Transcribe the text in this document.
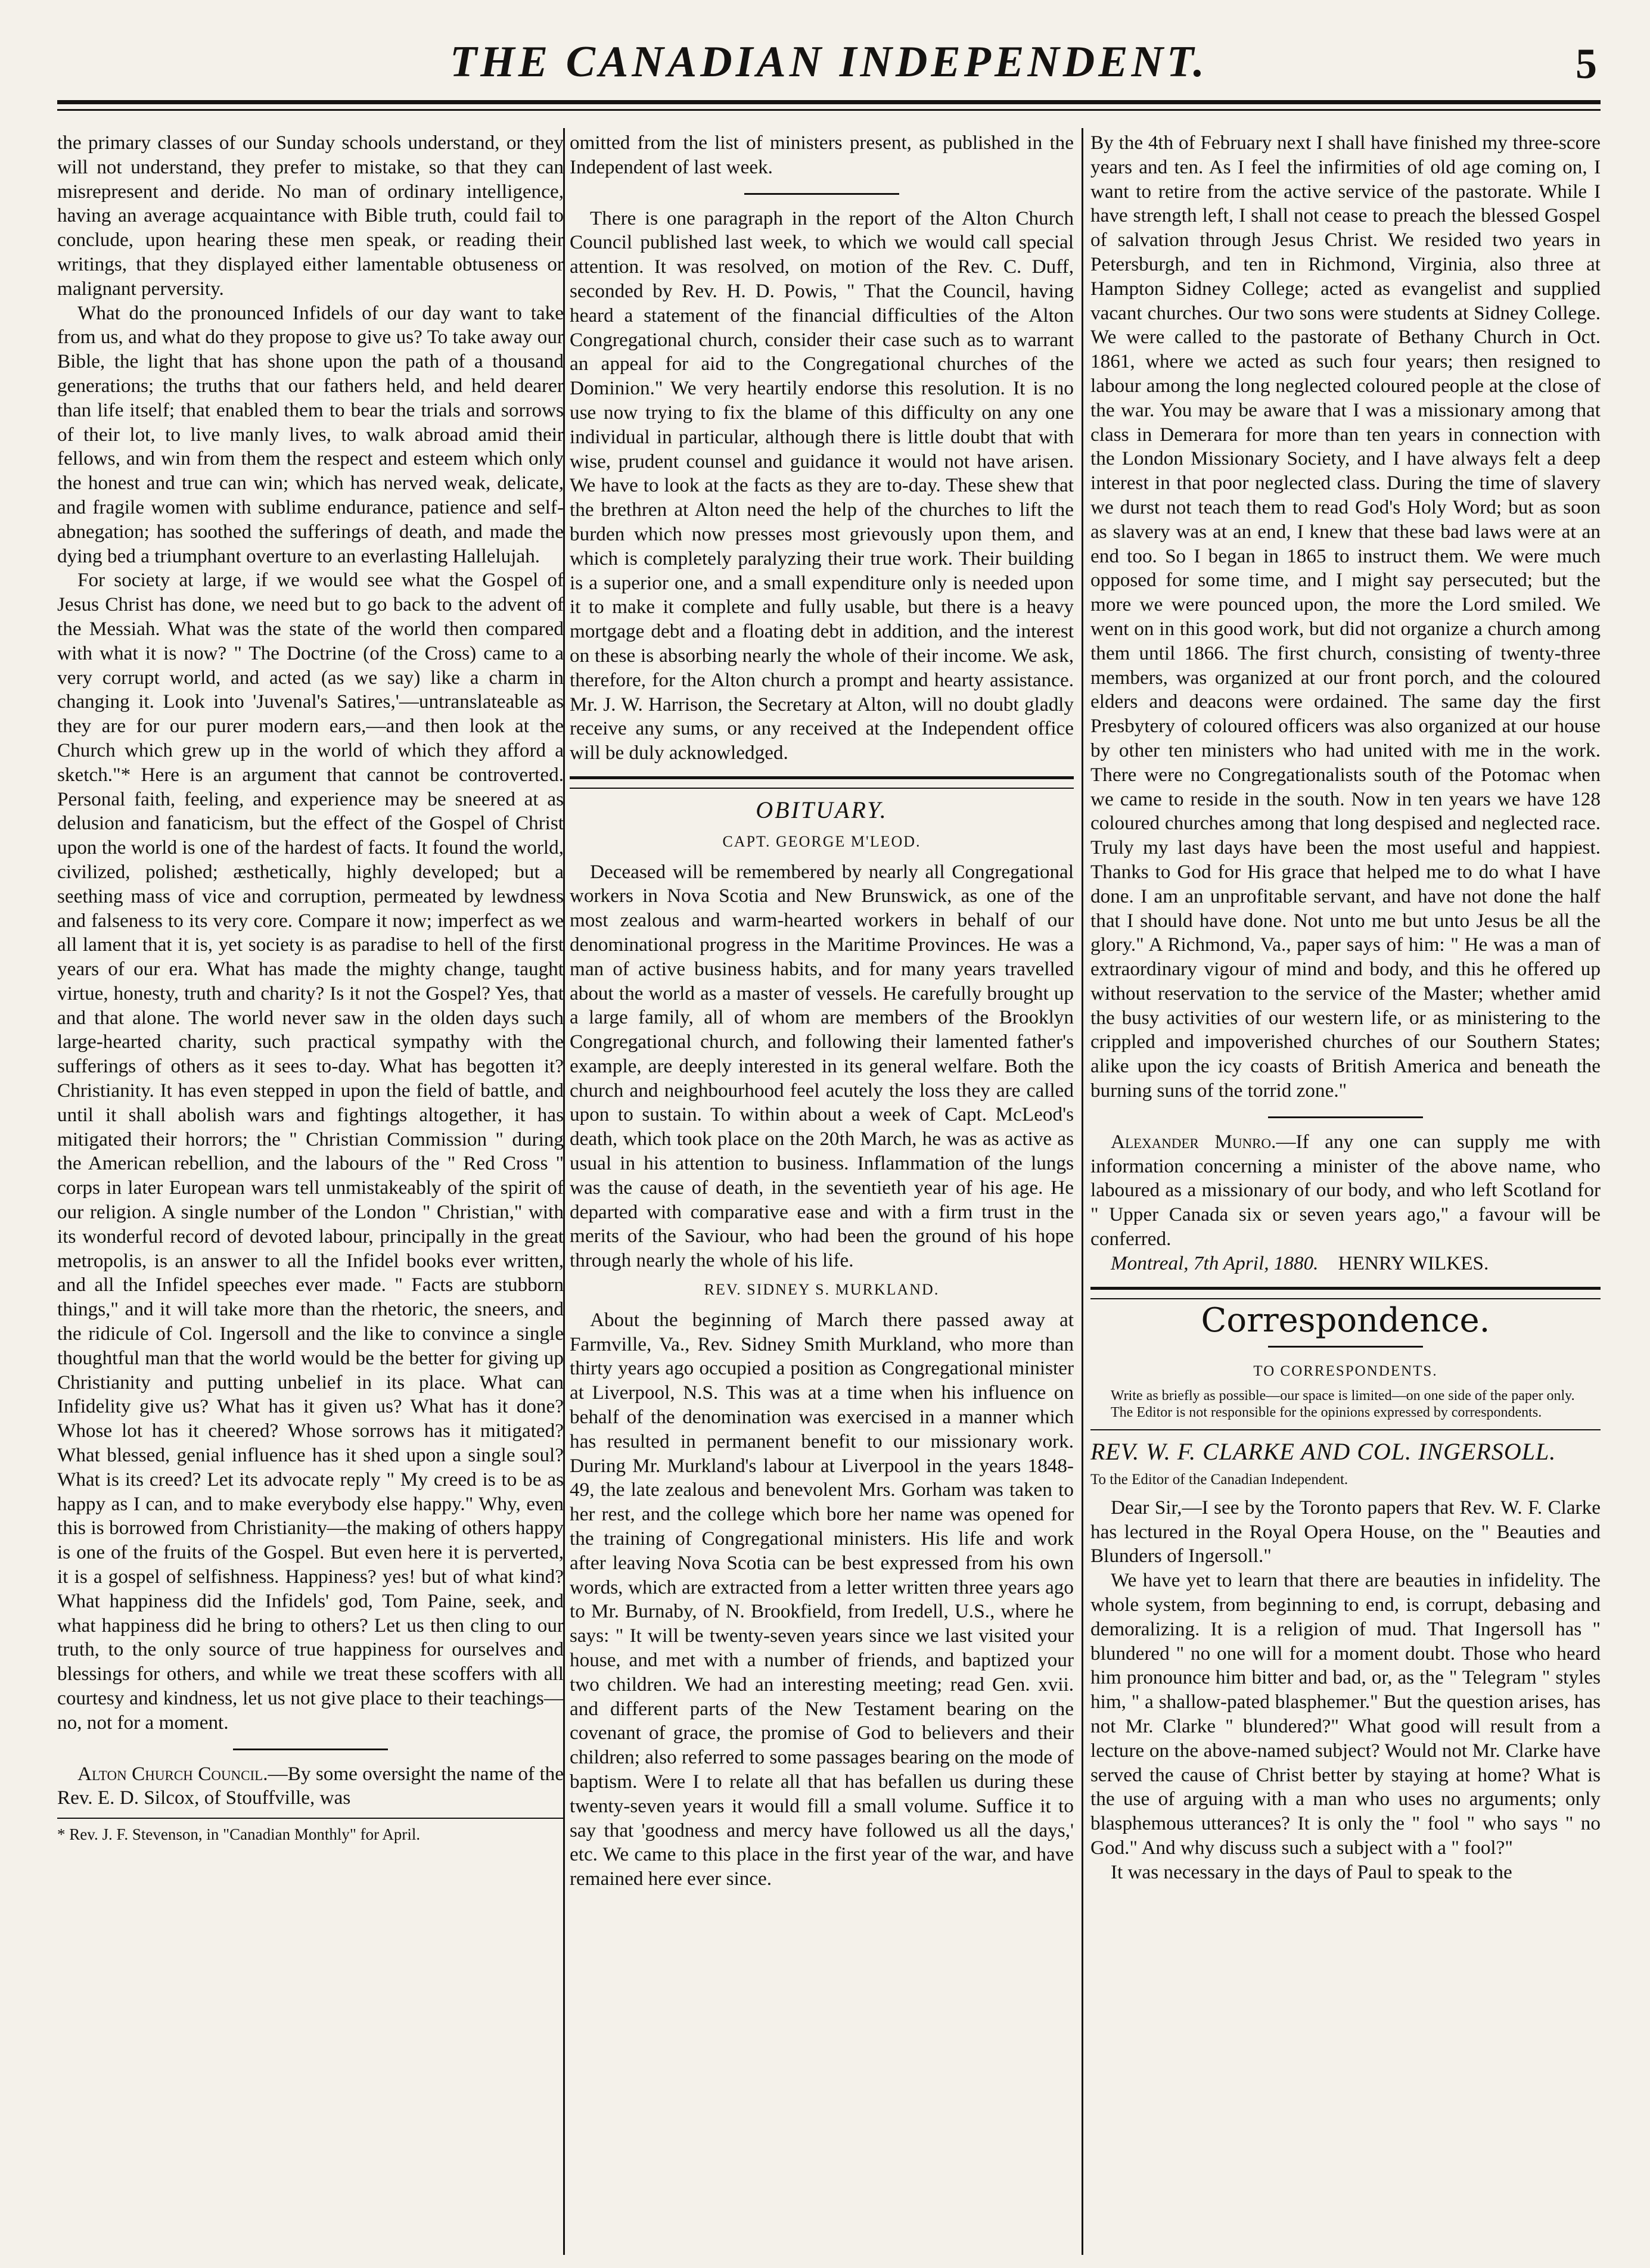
THE CANADIAN INDEPENDENT.	5

the primary classes of our Sunday schools understand, or they will not understand, they prefer to mistake, so that they can misrepresent and deride. No man of ordinary intelligence, having an average acquaintance with Bible truth, could fail to conclude, upon hearing these men speak, or reading their writings, that they displayed either lamentable obtuseness or malignant perversity.

What do the pronounced Infidels of our day want to take from us, and what do they propose to give us? To take away our Bible, the light that has shone upon the path of a thousand generations; the truths that our fathers held, and held dearer than life itself; that enabled them to bear the trials and sorrows of their lot, to live manly lives, to walk abroad amid their fellows, and win from them the respect and esteem which only the honest and true can win; which has nerved weak, delicate, and fragile women with sublime endurance, patience and self-abnegation; has soothed the sufferings of death, and made the dying bed a triumphant overture to an everlasting Hallelujah.

For society at large, if we would see what the Gospel of Jesus Christ has done, we need but to go back to the advent of the Messiah. What was the state of the world then compared with what it is now? " The Doctrine (of the Cross) came to a very corrupt world, and acted (as we say) like a charm in changing it. Look into 'Juvenal's Satires,'—untranslateable as they are for our purer modern ears,—and then look at the Church which grew up in the world of which they afford a sketch."* Here is an argument that cannot be controverted. Personal faith, feeling, and experience may be sneered at as delusion and fanaticism, but the effect of the Gospel of Christ upon the world is one of the hardest of facts. It found the world, civilized, polished; æsthetically, highly developed; but a seething mass of vice and corruption, permeated by lewdness and falseness to its very core. Compare it now; imperfect as we all lament that it is, yet society is as paradise to hell of the first years of our era. What has made the mighty change, taught virtue, honesty, truth and charity? Is it not the Gospel? Yes, that and that alone. The world never saw in the olden days such large-hearted charity, such practical sympathy with the sufferings of others as it sees to-day. What has begotten it? Christianity. It has even stepped in upon the field of battle, and until it shall abolish wars and fightings altogether, it has mitigated their horrors; the " Christian Commission " during the American rebellion, and the labours of the " Red Cross " corps in later European wars tell unmistakeably of the spirit of our religion. A single number of the London " Christian," with its wonderful record of devoted labour, principally in the great metropolis, is an answer to all the Infidel books ever written, and all the Infidel speeches ever made. " Facts are stubborn things," and it will take more than the rhetoric, the sneers, and the ridicule of Col. Ingersoll and the like to convince a single thoughtful man that the world would be the better for giving up Christianity and putting unbelief in its place. What can Infidelity give us? What has it given us? What has it done? Whose lot has it cheered? Whose sorrows has it mitigated? What blessed, genial influence has it shed upon a single soul? What is its creed? Let its advocate reply " My creed is to be as happy as I can, and to make everybody else happy." Why, even this is borrowed from Christianity—the making of others happy is one of the fruits of the Gospel. But even here it is perverted, it is a gospel of selfishness. Happiness? yes! but of what kind? What happiness did the Infidels' god, Tom Paine, seek, and what happiness did he bring to others? Let us then cling to our truth, to the only source of true happiness for ourselves and blessings for others, and while we treat these scoffers with all courtesy and kindness, let us not give place to their teachings—no, not for a moment.

Alton Church Council.—By some oversight the name of the Rev. E. D. Silcox, of Stouffville, was

* Rev. J. F. Stevenson, in "Canadian Monthly" for April.

omitted from the list of ministers present, as published in the Independent of last week.

There is one paragraph in the report of the Alton Church Council published last week, to which we would call special attention. It was resolved, on motion of the Rev. C. Duff, seconded by Rev. H. D. Powis, " That the Council, having heard a statement of the financial difficulties of the Alton Congregational church, consider their case such as to warrant an appeal for aid to the Congregational churches of the Dominion." We very heartily endorse this resolution. It is no use now trying to fix the blame of this difficulty on any one individual in particular, although there is little doubt that with wise, prudent counsel and guidance it would not have arisen. We have to look at the facts as they are to-day. These shew that the brethren at Alton need the help of the churches to lift the burden which now presses most grievously upon them, and which is completely paralyzing their true work. Their building is a superior one, and a small expenditure only is needed upon it to make it complete and fully usable, but there is a heavy mortgage debt and a floating debt in addition, and the interest on these is absorbing nearly the whole of their income. We ask, therefore, for the Alton church a prompt and hearty assistance. Mr. J. W. Harrison, the Secretary at Alton, will no doubt gladly receive any sums, or any received at the Independent office will be duly acknowledged.

OBITUARY.
CAPT. GEORGE M'LEOD.

Deceased will be remembered by nearly all Congregational workers in Nova Scotia and New Brunswick, as one of the most zealous and warm-hearted workers in behalf of our denominational progress in the Maritime Provinces. He was a man of active business habits, and for many years travelled about the world as a master of vessels. He carefully brought up a large family, all of whom are members of the Brooklyn Congregational church, and following their lamented father's example, are deeply interested in its general welfare. Both the church and neighbourhood feel acutely the loss they are called upon to sustain. To within about a week of Capt. McLeod's death, which took place on the 20th March, he was as active as usual in his attention to business. Inflammation of the lungs was the cause of death, in the seventieth year of his age. He departed with comparative ease and with a firm trust in the merits of the Saviour, who had been the ground of his hope through nearly the whole of his life.

REV. SIDNEY S. MURKLAND.

About the beginning of March there passed away at Farmville, Va., Rev. Sidney Smith Murkland, who more than thirty years ago occupied a position as Congregational minister at Liverpool, N.S. This was at a time when his influence on behalf of the denomination was exercised in a manner which has resulted in permanent benefit to our missionary work. During Mr. Murkland's labour at Liverpool in the years 1848-49, the late zealous and benevolent Mrs. Gorham was taken to her rest, and the college which bore her name was opened for the training of Congregational ministers. His life and work after leaving Nova Scotia can be best expressed from his own words, which are extracted from a letter written three years ago to Mr. Burnaby, of N. Brookfield, from Iredell, U.S., where he says: " It will be twenty-seven years since we last visited your house, and met with a number of friends, and baptized your two children. We had an interesting meeting; read Gen. xvii. and different parts of the New Testament bearing on the covenant of grace, the promise of God to believers and their children; also referred to some passages bearing on the mode of baptism. Were I to relate all that has befallen us during these twenty-seven years it would fill a small volume. Suffice it to say that 'goodness and mercy have followed us all the days,' etc. We came to this place in the first year of the war, and have remained here ever since.

By the 4th of February next I shall have finished my three-score years and ten. As I feel the infirmities of old age coming on, I want to retire from the active service of the pastorate. While I have strength left, I shall not cease to preach the blessed Gospel of salvation through Jesus Christ. We resided two years in Petersburgh, and ten in Richmond, Virginia, also three at Hampton Sidney College; acted as evangelist and supplied vacant churches. Our two sons were students at Sidney College. We were called to the pastorate of Bethany Church in Oct. 1861, where we acted as such four years; then resigned to labour among the long neglected coloured people at the close of the war. You may be aware that I was a missionary among that class in Demerara for more than ten years in connection with the London Missionary Society, and I have always felt a deep interest in that poor neglected class. During the time of slavery we durst not teach them to read God's Holy Word; but as soon as slavery was at an end, I knew that these bad laws were at an end too. So I began in 1865 to instruct them. We were much opposed for some time, and I might say persecuted; but the more we were pounced upon, the more the Lord smiled. We went on in this good work, but did not organize a church among them until 1866. The first church, consisting of twenty-three members, was organized at our front porch, and the coloured elders and deacons were ordained. The same day the first Presbytery of coloured officers was also organized at our house by other ten ministers who had united with me in the work. There were no Congregationalists south of the Potomac when we came to reside in the south. Now in ten years we have 128 coloured churches among that long despised and neglected race. Truly my last days have been the most useful and happiest. Thanks to God for His grace that helped me to do what I have done. I am an unprofitable servant, and have not done the half that I should have done. Not unto me but unto Jesus be all the glory." A Richmond, Va., paper says of him: " He was a man of extraordinary vigour of mind and body, and this he offered up without reservation to the service of the Master; whether amid the busy activities of our western life, or as ministering to the crippled and impoverished churches of our Southern States; alike upon the icy coasts of British America and beneath the burning suns of the torrid zone."

Alexander Munro.—If any one can supply me with information concerning a minister of the above name, who laboured as a missionary of our body, and who left Scotland for " Upper Canada six or seven years ago," a favour will be conferred.

Montreal, 7th April, 1880. HENRY WILKES.

Correspondence.
TO CORRESPONDENTS.

Write as briefly as possible—our space is limited—on one side of the paper only.

The Editor is not responsible for the opinions expressed by correspondents.

REV. W. F. CLARKE AND COL. INGERSOLL.
To the Editor of the Canadian Independent.

Dear Sir,—I see by the Toronto papers that Rev. W. F. Clarke has lectured in the Royal Opera House, on the " Beauties and Blunders of Ingersoll."

We have yet to learn that there are beauties in infidelity. The whole system, from beginning to end, is corrupt, debasing and demoralizing. It is a religion of mud. That Ingersoll has " blundered " no one will for a moment doubt. Those who heard him pronounce him bitter and bad, or, as the " Telegram " styles him, " a shallow-pated blasphemer." But the question arises, has not Mr. Clarke " blundered?" What good will result from a lecture on the above-named subject? Would not Mr. Clarke have served the cause of Christ better by staying at home? What is the use of arguing with a man who uses no arguments; only blasphemous utterances? It is only the " fool " who says " no God." And why discuss such a subject with a " fool?"

It was necessary in the days of Paul to speak to the
